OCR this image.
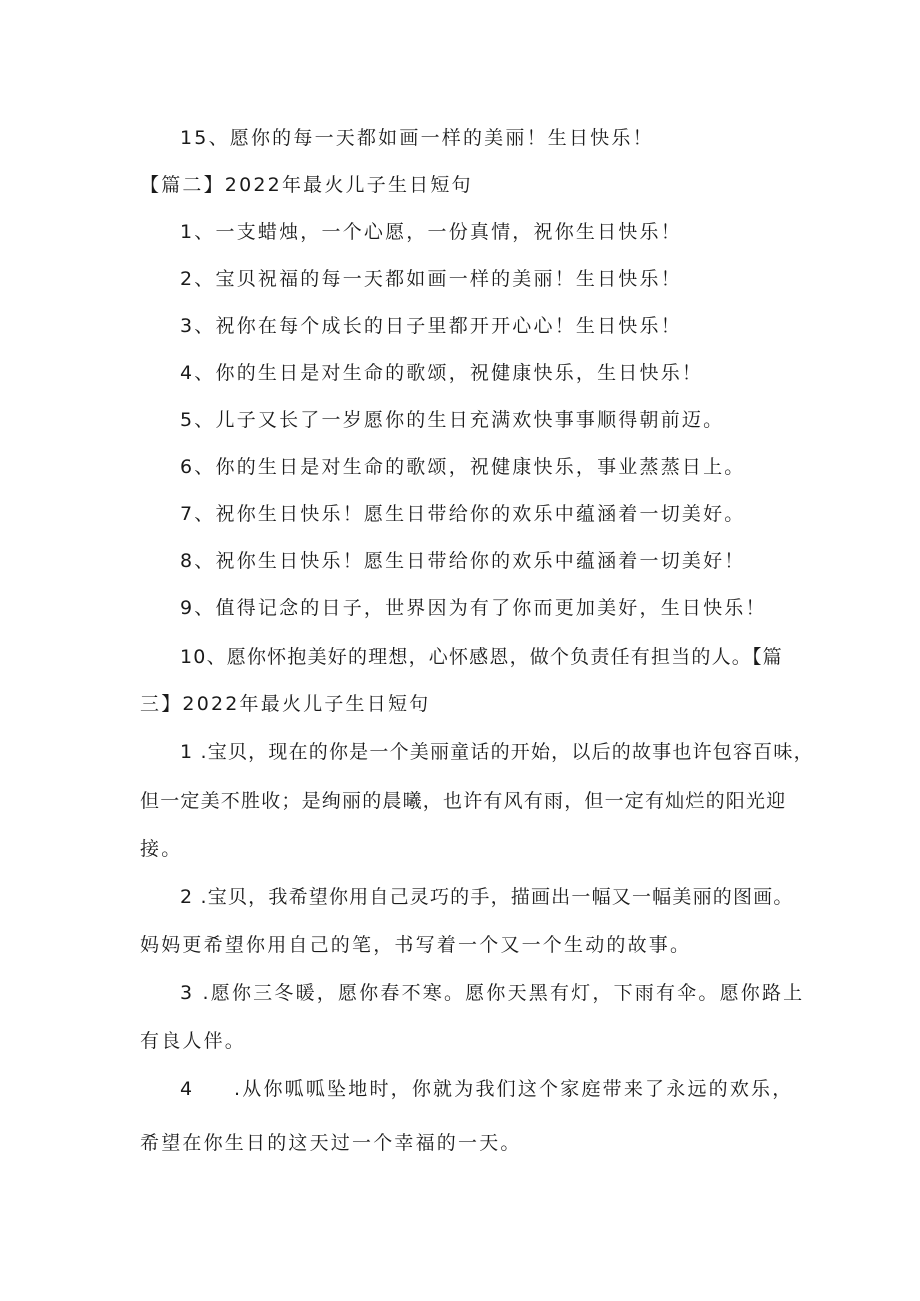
15、愿你的每一天都如画一样的美丽！生日快乐！
【篇二】2022年最火儿子生日短句
1、一支蜡烛，一个心愿，一份真情，祝你生日快乐！
2、宝贝祝福的每一天都如画一样的美丽！生日快乐！
3、祝你在每个成长的日子里都开开心心！生日快乐！
4、你的生日是对生命的歌颂，祝健康快乐，生日快乐！
5、儿子又长了一岁愿你的生日充满欢快事事顺得朝前迈。
6、你的生日是对生命的歌颂，祝健康快乐，事业蒸蒸日上。
7、祝你生日快乐！愿生日带给你的欢乐中蕴涵着一切美好。
8、祝你生日快乐！愿生日带给你的欢乐中蕴涵着一切美好！
9、值得记念的日子，世界因为有了你而更加美好，生日快乐！
10、愿你怀抱美好的理想，心怀感恩，做个负责任有担当的人。【篇
三】2022年最火儿子生日短句
1 .宝贝，现在的你是一个美丽童话的开始，以后的故事也许包容百味，
但一定美不胜收；是绚丽的晨曦，也许有风有雨，但一定有灿烂的阳光迎
接。
2 .宝贝，我希望你用自己灵巧的手，描画出一幅又一幅美丽的图画。
妈妈更希望你用自己的笔，书写着一个又一个生动的故事。
3 .愿你三冬暖，愿你春不寒。愿你天黑有灯，下雨有伞。愿你路上
有良人伴。
4 .从你呱呱坠地时，你就为我们这个家庭带来了永远的欢乐，
希望在你生日的这天过一个幸福的一天。
